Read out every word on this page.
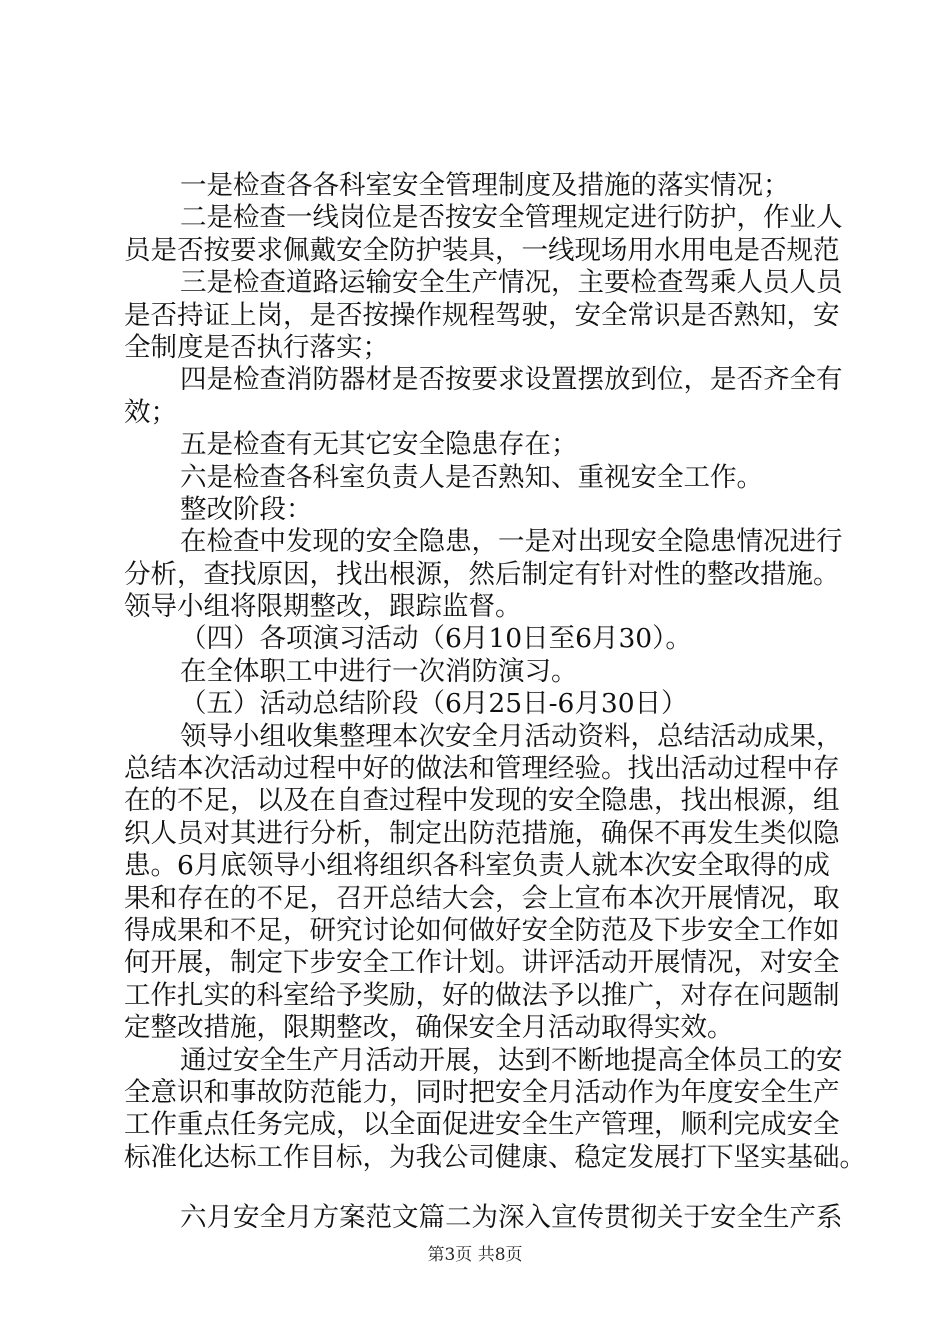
一是检查各各科室安全管理制度及措施的落实情况；
二是检查一线岗位是否按安全管理规定进行防护，作业人
员是否按要求佩戴安全防护装具，一线现场用水用电是否规范
三是检查道路运输安全生产情况，主要检查驾乘人员人员
是否持证上岗，是否按操作规程驾驶，安全常识是否熟知，安
全制度是否执行落实；
四是检查消防器材是否按要求设置摆放到位，是否齐全有
效；
五是检查有无其它安全隐患存在；
六是检查各科室负责人是否熟知、重视安全工作。
整改阶段：
在检查中发现的安全隐患，一是对出现安全隐患情况进行
分析，查找原因，找出根源，然后制定有针对性的整改措施。
领导小组将限期整改，跟踪监督。
（四）各项演习活动（6月10日至6月30）。
在全体职工中进行一次消防演习。
（五）活动总结阶段（6月25日-6月30日）
领导小组收集整理本次安全月活动资料，总结活动成果，
总结本次活动过程中好的做法和管理经验。找出活动过程中存
在的不足，以及在自查过程中发现的安全隐患，找出根源，组
织人员对其进行分析，制定出防范措施，确保不再发生类似隐
患。6月底领导小组将组织各科室负责人就本次安全取得的成
果和存在的不足，召开总结大会，会上宣布本次开展情况，取
得成果和不足，研究讨论如何做好安全防范及下步安全工作如
何开展，制定下步安全工作计划。讲评活动开展情况，对安全
工作扎实的科室给予奖励，好的做法予以推广，对存在问题制
定整改措施，限期整改，确保安全月活动取得实效。
通过安全生产月活动开展，达到不断地提高全体员工的安
全意识和事故防范能力，同时把安全月活动作为年度安全生产
工作重点任务完成，以全面促进安全生产管理，顺利完成安全
标准化达标工作目标，为我公司健康、稳定发展打下坚实基础。
六月安全月方案范文篇二为深入宣传贯彻关于安全生产系
第3页 共8页
